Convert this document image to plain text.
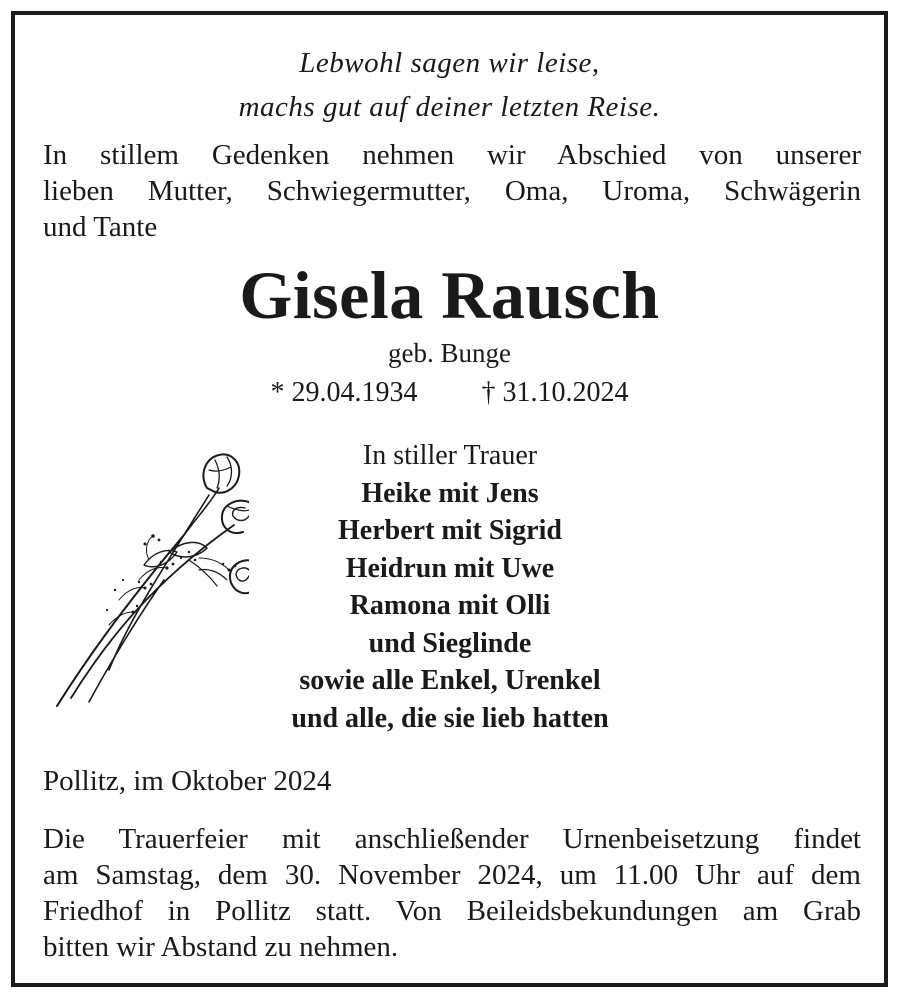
Lebwohl sagen wir leise,
machs gut auf deiner letzten Reise.
In stillem Gedenken nehmen wir Abschied von unserer
lieben Mutter, Schwiegermutter, Oma, Uroma, Schwägerin
und Tante
Gisela Rausch
geb. Bunge
* 29.04.1934 † 31.10.2024
In stiller Trauer
Heike mit Jens
Herbert mit Sigrid
Heidrun mit Uwe
Ramona mit Olli
und Sieglinde
sowie alle Enkel, Urenkel
und alle, die sie lieb hatten
Pollitz, im Oktober 2024
Die Trauerfeier mit anschließender Urnenbeisetzung findet
am Samstag, dem 30. November 2024, um 11.00 Uhr auf dem
Friedhof in Pollitz statt. Von Beileidsbekundungen am Grab
bitten wir Abstand zu nehmen.
